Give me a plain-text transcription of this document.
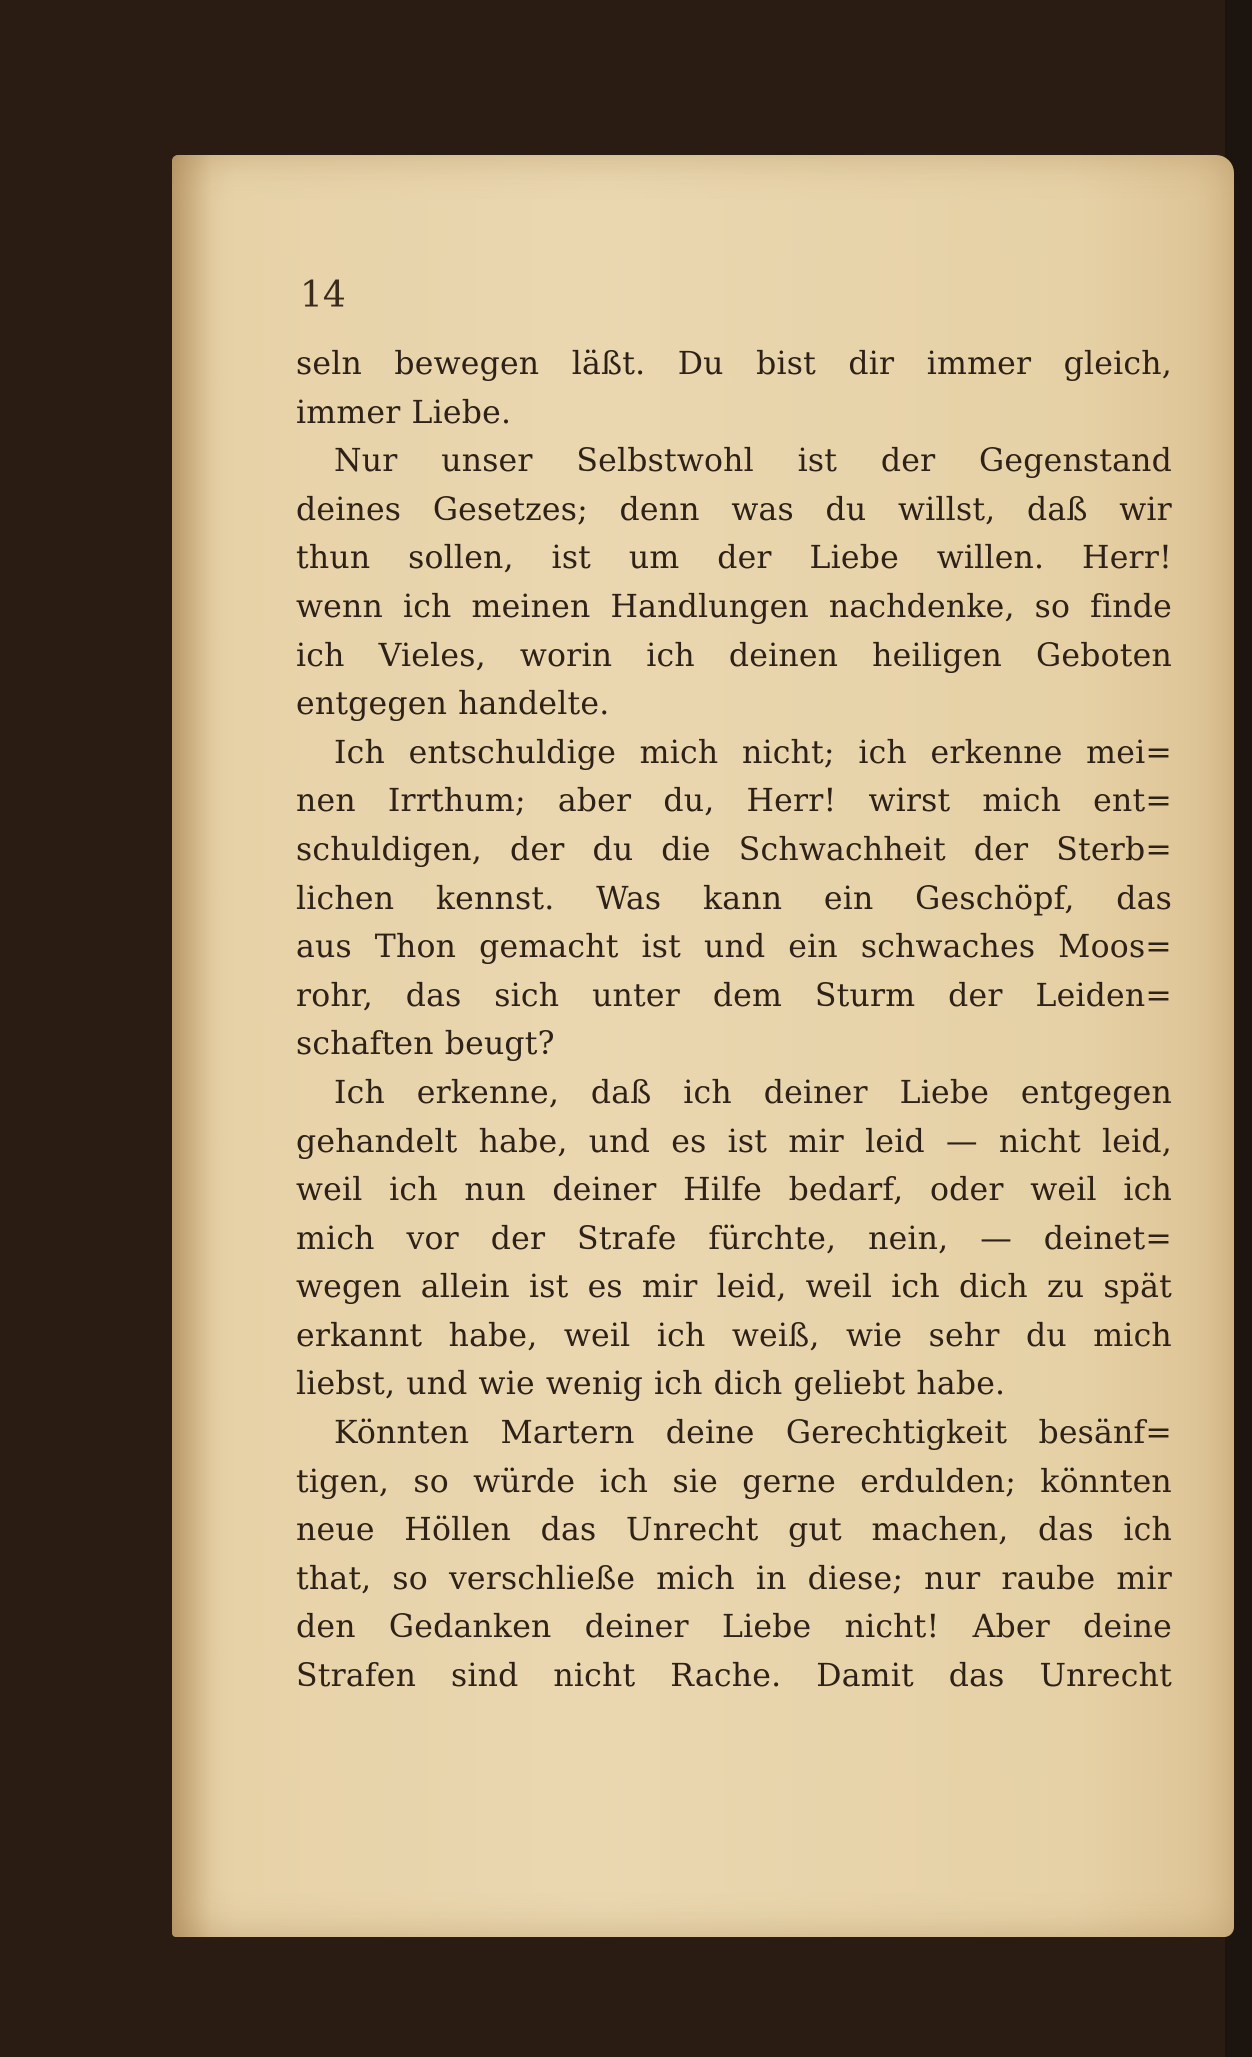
14

seln bewegen läßt. Du bist dir immer gleich,
immer Liebe.
Nur unser Selbstwohl ist der Gegenstand
deines Gesetzes; denn was du willst, daß wir
thun sollen, ist um der Liebe willen. Herr!
wenn ich meinen Handlungen nachdenke, so finde
ich Vieles, worin ich deinen heiligen Geboten
entgegen handelte.
Ich entschuldige mich nicht; ich erkenne mei=
nen Irrthum; aber du, Herr! wirst mich ent=
schuldigen, der du die Schwachheit der Sterb=
lichen kennst. Was kann ein Geschöpf, das
aus Thon gemacht ist und ein schwaches Moos=
rohr, das sich unter dem Sturm der Leiden=
schaften beugt?
Ich erkenne, daß ich deiner Liebe entgegen
gehandelt habe, und es ist mir leid — nicht leid,
weil ich nun deiner Hilfe bedarf, oder weil ich
mich vor der Strafe fürchte, nein, — deinet=
wegen allein ist es mir leid, weil ich dich zu spät
erkannt habe, weil ich weiß, wie sehr du mich
liebst, und wie wenig ich dich geliebt habe.
Könnten Martern deine Gerechtigkeit besänf=
tigen, so würde ich sie gerne erdulden; könnten
neue Höllen das Unrecht gut machen, das ich
that, so verschließe mich in diese; nur raube mir
den Gedanken deiner Liebe nicht! Aber deine
Strafen sind nicht Rache. Damit das Unrecht
